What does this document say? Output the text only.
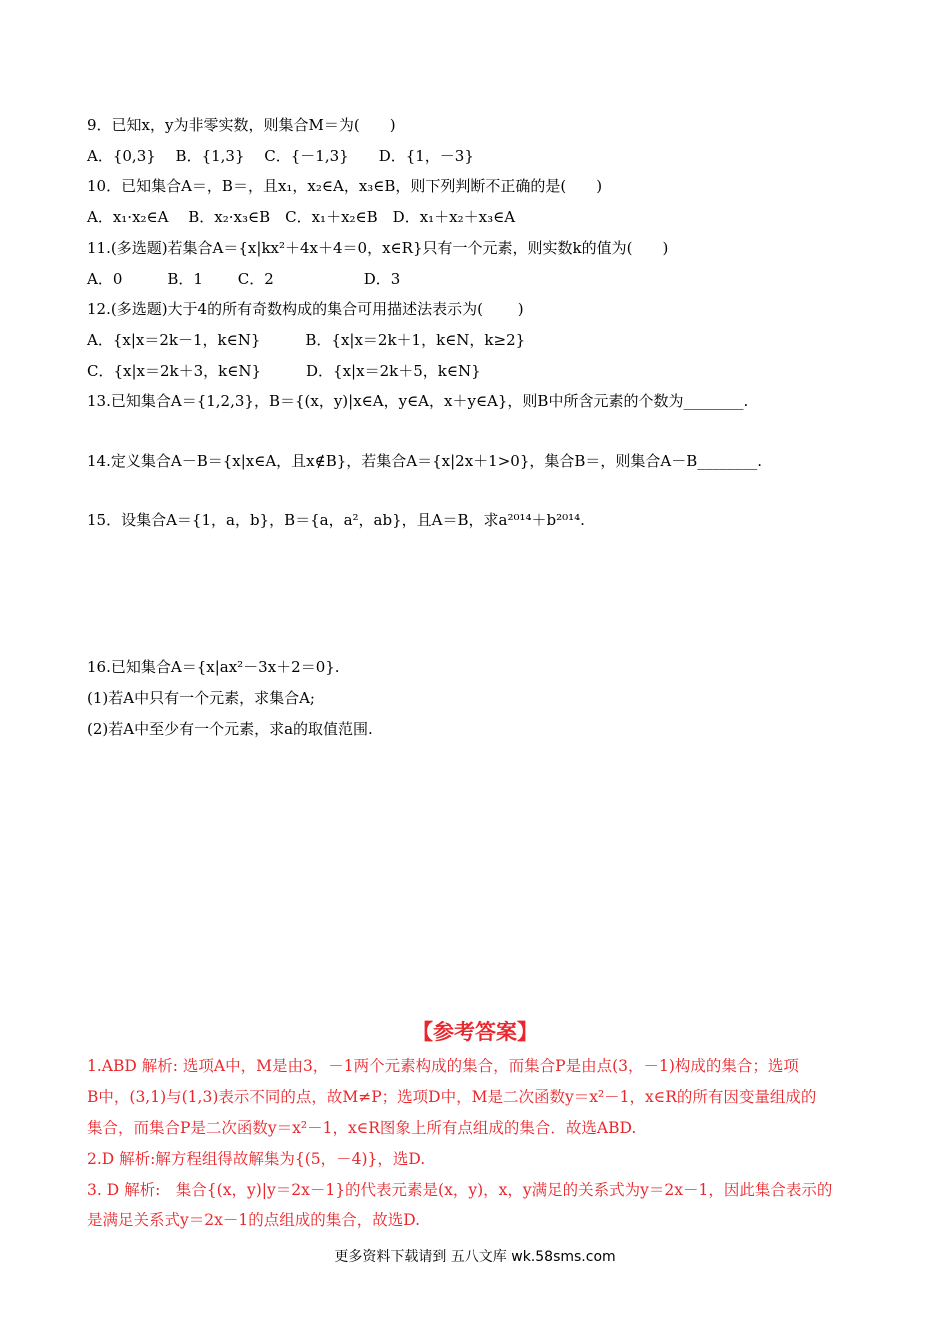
9．已知x，y为非零实数，则集合M＝为(　　)
A．{0,3}　 B．{1,3}　 C．{－1,3}　　D．{1，－3}
10．已知集合A＝，B＝，且x₁，x₂∈A，x₃∈B，则下列判断不正确的是(　　)
A．x₁·x₂∈A　 B．x₂·x₃∈B　C．x₁＋x₂∈B　D．x₁＋x₂＋x₃∈A
11.(多选题)若集合A＝{x|kx²＋4x＋4＝0，x∈R}只有一个元素，则实数k的值为(　　)
A．0　　　B．1　　 C．2　　　　　　D．3
12.(多选题)大于4的所有奇数构成的集合可用描述法表示为(　　 )
A．{x|x＝2k－1，k∈N}　　　B．{x|x＝2k＋1，k∈N，k≥2}
C．{x|x＝2k＋3，k∈N}　　　D．{x|x＝2k＋5，k∈N}
13.已知集合A＝{1,2,3}，B＝{(x，y)|x∈A，y∈A，x＋y∈A}，则B中所含元素的个数为________.
14.定义集合A－B＝{x|x∈A，且x∉B}，若集合A＝{x|2x＋1>0}，集合B＝，则集合A－B________.
15．设集合A＝{1，a，b}，B＝{a，a²，ab}，且A＝B，求a²⁰¹⁴＋b²⁰¹⁴.
16.已知集合A＝{x|ax²－3x＋2＝0}.
(1)若A中只有一个元素，求集合A;
(2)若A中至少有一个元素，求a的取值范围.
【参考答案】
1.ABD 解析: 选项A中，M是由3，－1两个元素构成的集合，而集合P是由点(3，－1)构成的集合；选项
B中，(3,1)与(1,3)表示不同的点，故M≠P；选项D中，M是二次函数y＝x²－1，x∈R的所有因变量组成的
集合，而集合P是二次函数y＝x²－1，x∈R图象上所有点组成的集合．故选ABD.
2.D 解析:解方程组得故解集为{(5，－4)}，选D.
3. D 解析:　集合{(x，y)|y＝2x－1}的代表元素是(x，y)，x，y满足的关系式为y＝2x－1，因此集合表示的
是满足关系式y＝2x－1的点组成的集合，故选D.
更多资料下载请到 五八文库 wk.58sms.com
